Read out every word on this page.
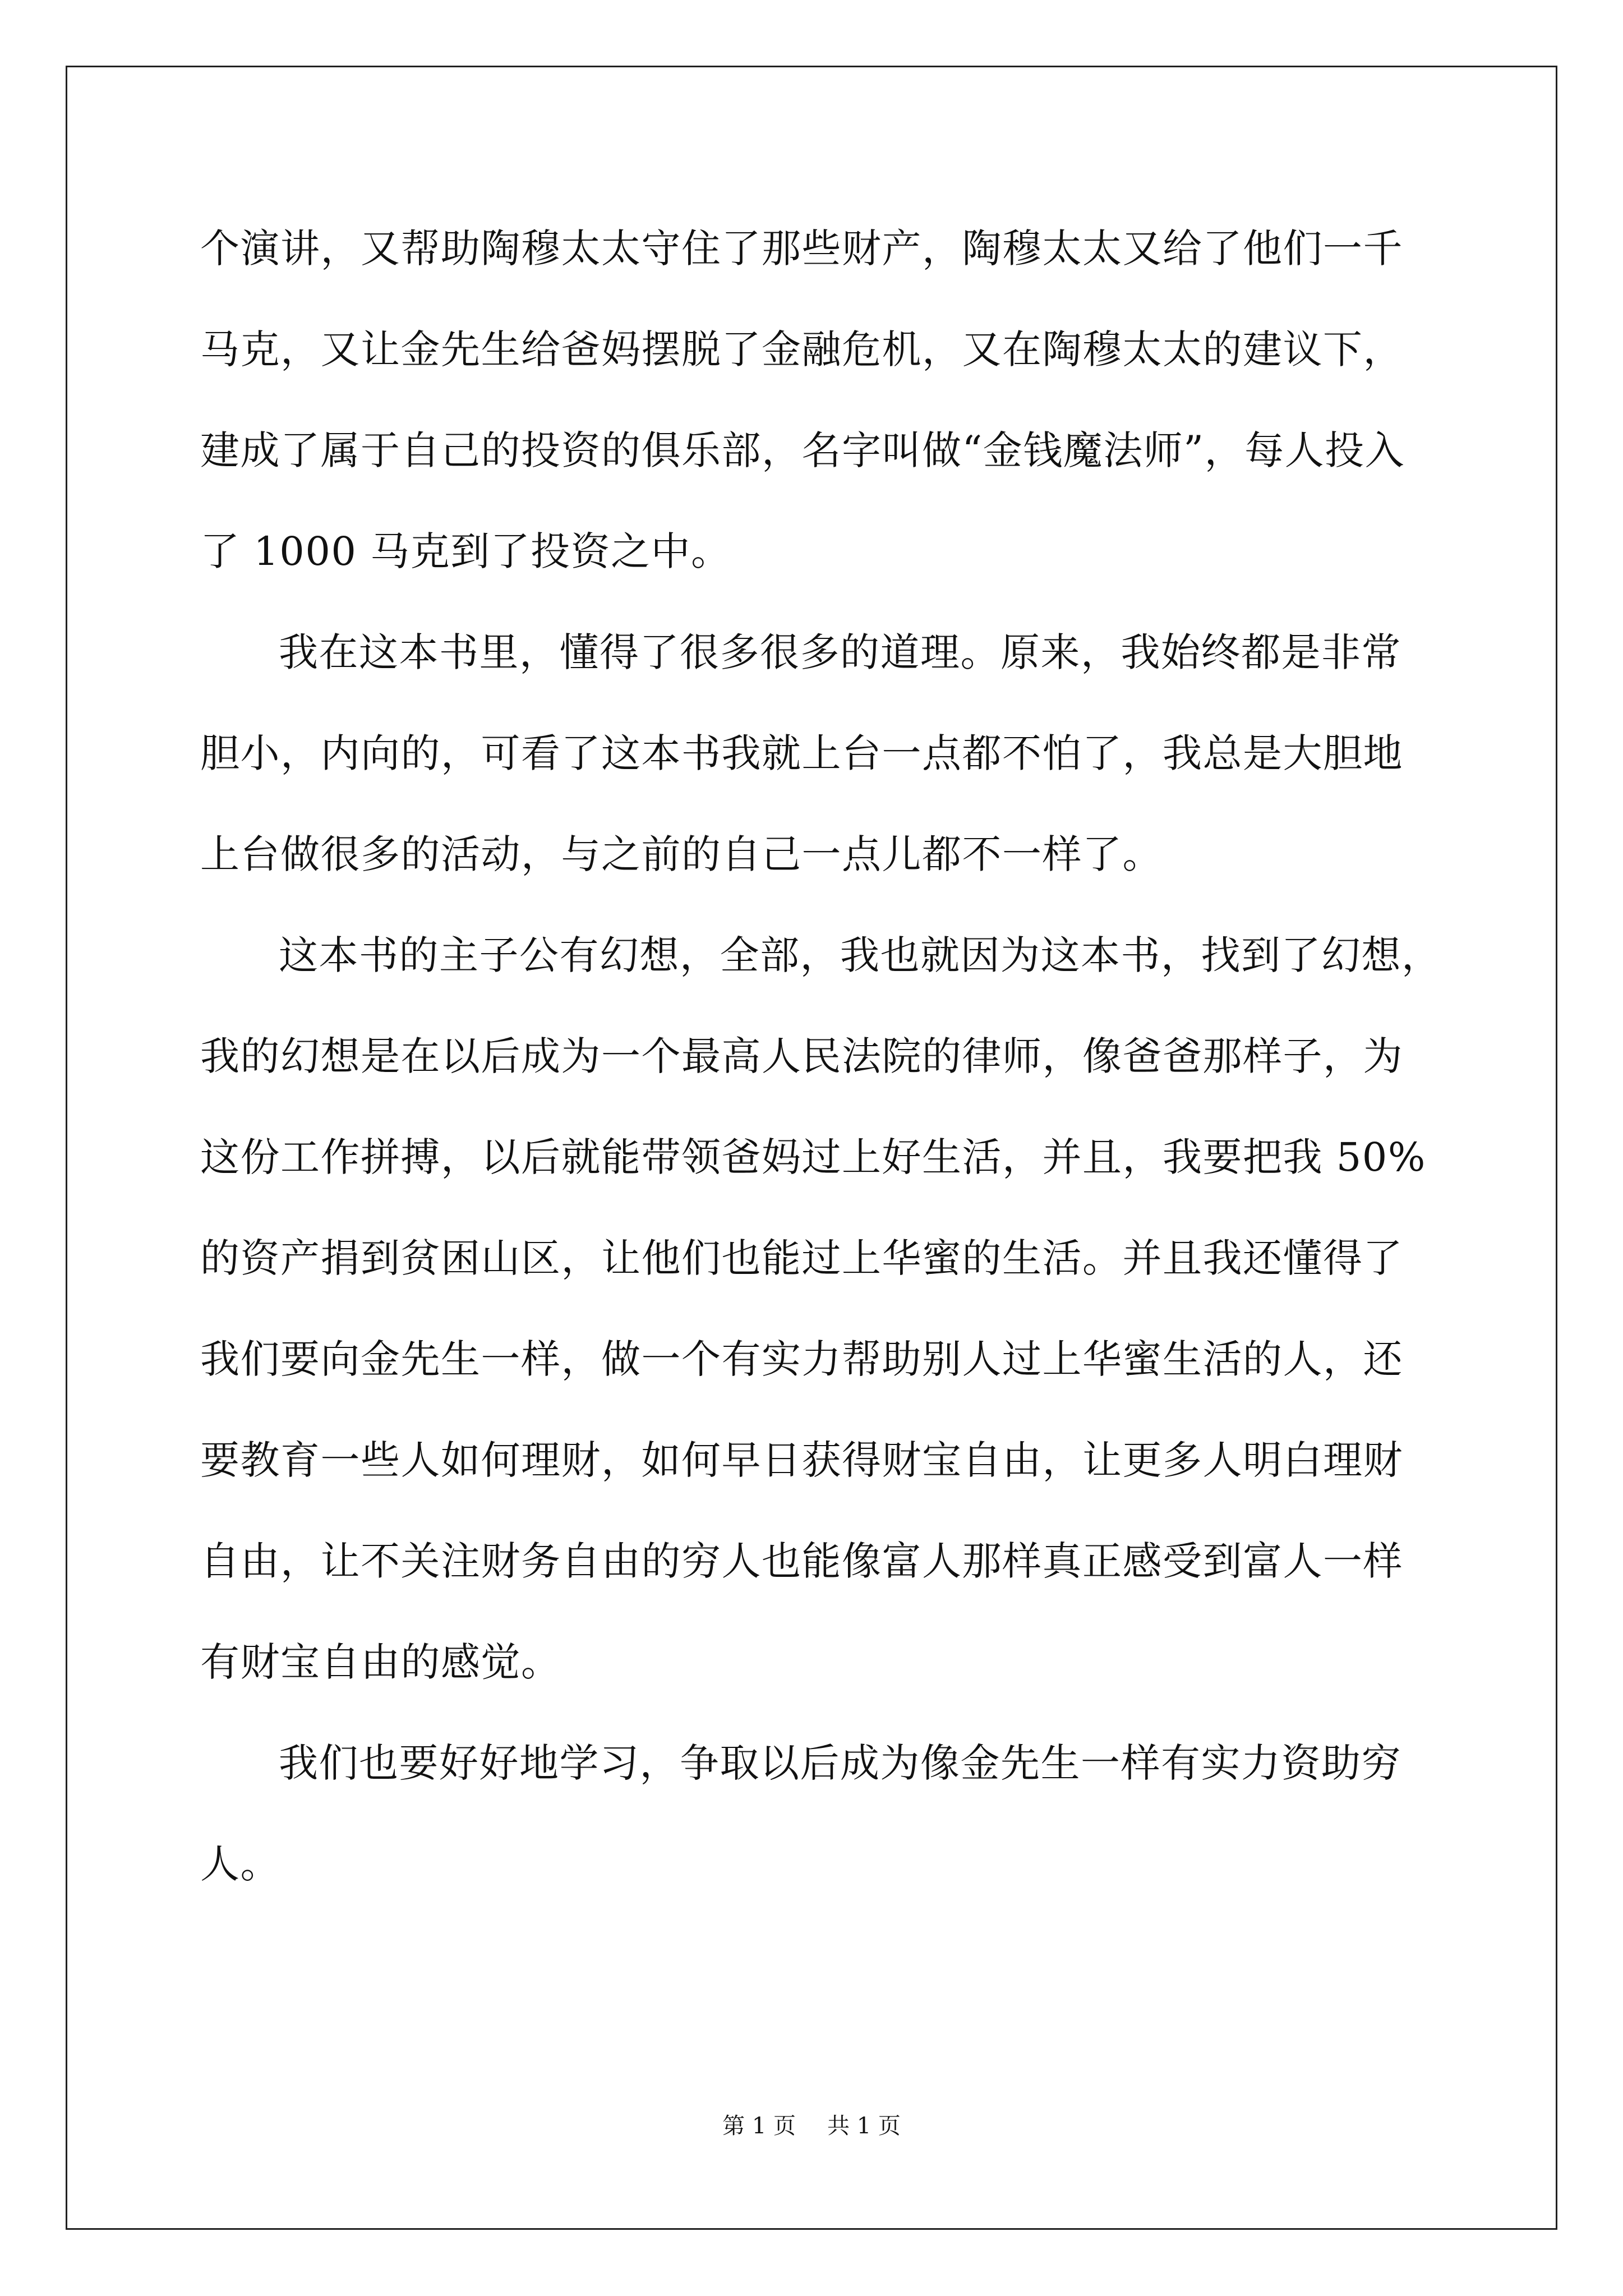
个演讲，又帮助陶穆太太守住了那些财产，陶穆太太又给了他们一千
马克，又让金先生给爸妈摆脱了金融危机，又在陶穆太太的建议下，
建成了属于自己的投资的俱乐部，名字叫做“金钱魔法师”，每人投入
了 1000 马克到了投资之中。
我在这本书里，懂得了很多很多的道理。原来，我始终都是非常
胆小，内向的，可看了这本书我就上台一点都不怕了，我总是大胆地
上台做很多的活动，与之前的自己一点儿都不一样了。
这本书的主子公有幻想，全部，我也就因为这本书，找到了幻想，
我的幻想是在以后成为一个最高人民法院的律师，像爸爸那样子，为
这份工作拼搏，以后就能带领爸妈过上好生活，并且，我要把我 50%
的资产捐到贫困山区，让他们也能过上华蜜的生活。并且我还懂得了
我们要向金先生一样，做一个有实力帮助别人过上华蜜生活的人，还
要教育一些人如何理财，如何早日获得财宝自由，让更多人明白理财
自由，让不关注财务自由的穷人也能像富人那样真正感受到富人一样
有财宝自由的感觉。
我们也要好好地学习，争取以后成为像金先生一样有实力资助穷
人。
第 1 页 共 1 页
